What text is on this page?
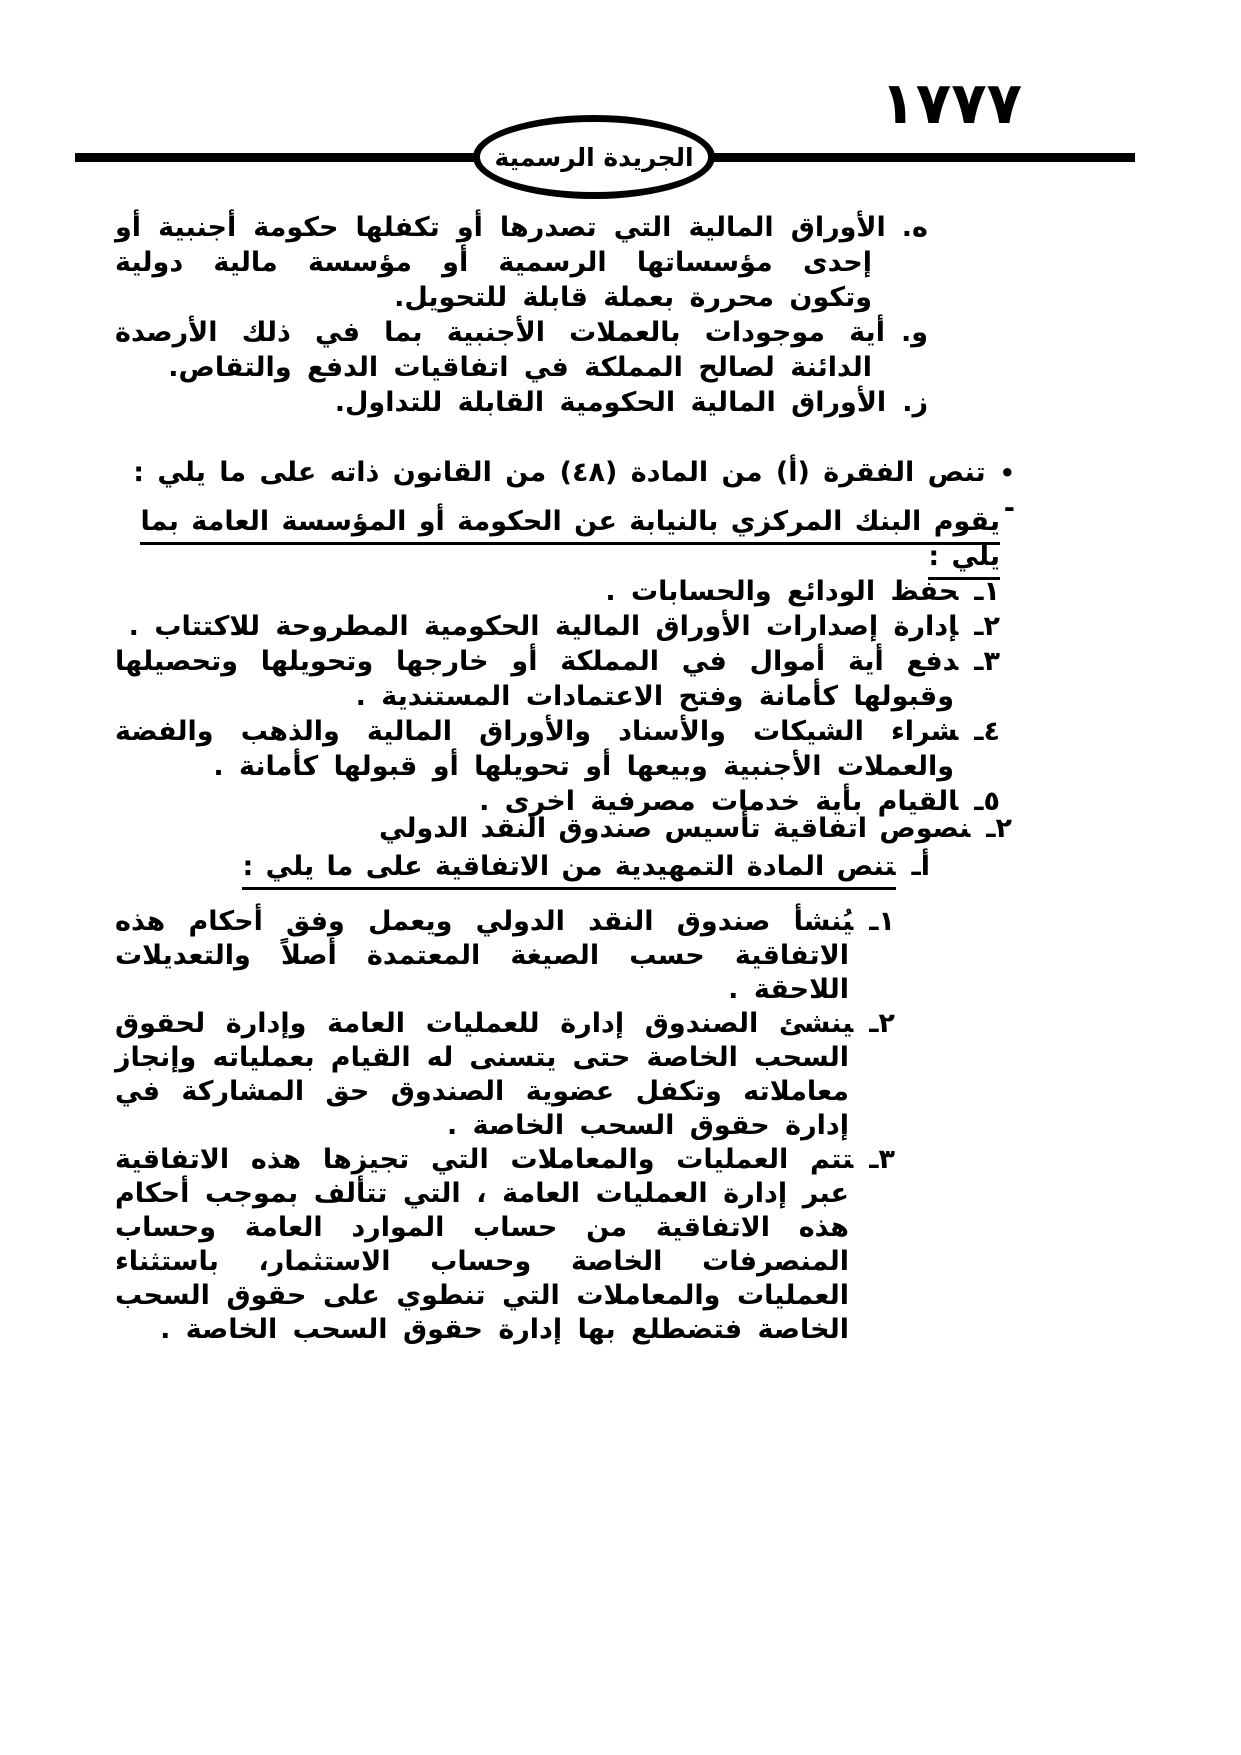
١٧٧٧
الجريدة الرسمية

ه.الأوراق المالية التي تصدرها أو تكفلها حكومة أجنبية أو إحدى مؤسساتها الرسمية أو مؤسسة مالية دولية وتكون محررة بعملة قابلة للتحويل.

و.أية موجودات بالعملات الأجنبية بما في ذلك الأرصدة الدائنة لصالح المملكة في اتفاقيات الدفع والتقاص.

ز.الأوراق المالية الحكومية القابلة للتداول.

•تنص الفقرة (أ) من المادة (٤٨) من القانون ذاته على ما يلي : -

يقوم البنك المركزي بالنيابة عن الحكومة أو المؤسسة العامة بما يلي :

١ـحفظ الودائع والحسابات .

٢ـإدارة إصدارات الأوراق المالية الحكومية المطروحة للاكتتاب .

٣ـدفع أية أموال في المملكة أو خارجها وتحويلها وتحصيلها وقبولها كأمانة وفتح الاعتمادات المستندية .

٤ـشراء الشيكات والأسناد والأوراق المالية والذهب والفضة والعملات الأجنبية وبيعها أو تحويلها أو قبولها كأمانة .

٥ـالقيام بأية خدمات مصرفية اخرى .

٢ـنصوص اتفاقية تأسيس صندوق النقد الدولي
أـتنص المادة التمهيدية من الاتفاقية على ما يلي :

١ـيُنشأ صندوق النقد الدولي ويعمل وفق أحكام هذه الاتفاقية حسب الصيغة المعتمدة أصلاً والتعديلات اللاحقة .

٢ـينشئ الصندوق إدارة للعمليات العامة وإدارة لحقوق السحب الخاصة حتى يتسنى له القيام بعملياته وإنجاز معاملاته وتكفل عضوية الصندوق حق المشاركة في إدارة حقوق السحب الخاصة .

٣ـتتم العمليات والمعاملات التي تجيزها هذه الاتفاقية عبر إدارة العمليات العامة ، التي تتألف بموجب أحكام هذه الاتفاقية من حساب الموارد العامة وحساب المنصرفات الخاصة وحساب الاستثمار، باستثناء العمليات والمعاملات التي تنطوي على حقوق السحب الخاصة فتضطلع بها إدارة حقوق السحب الخاصة .
